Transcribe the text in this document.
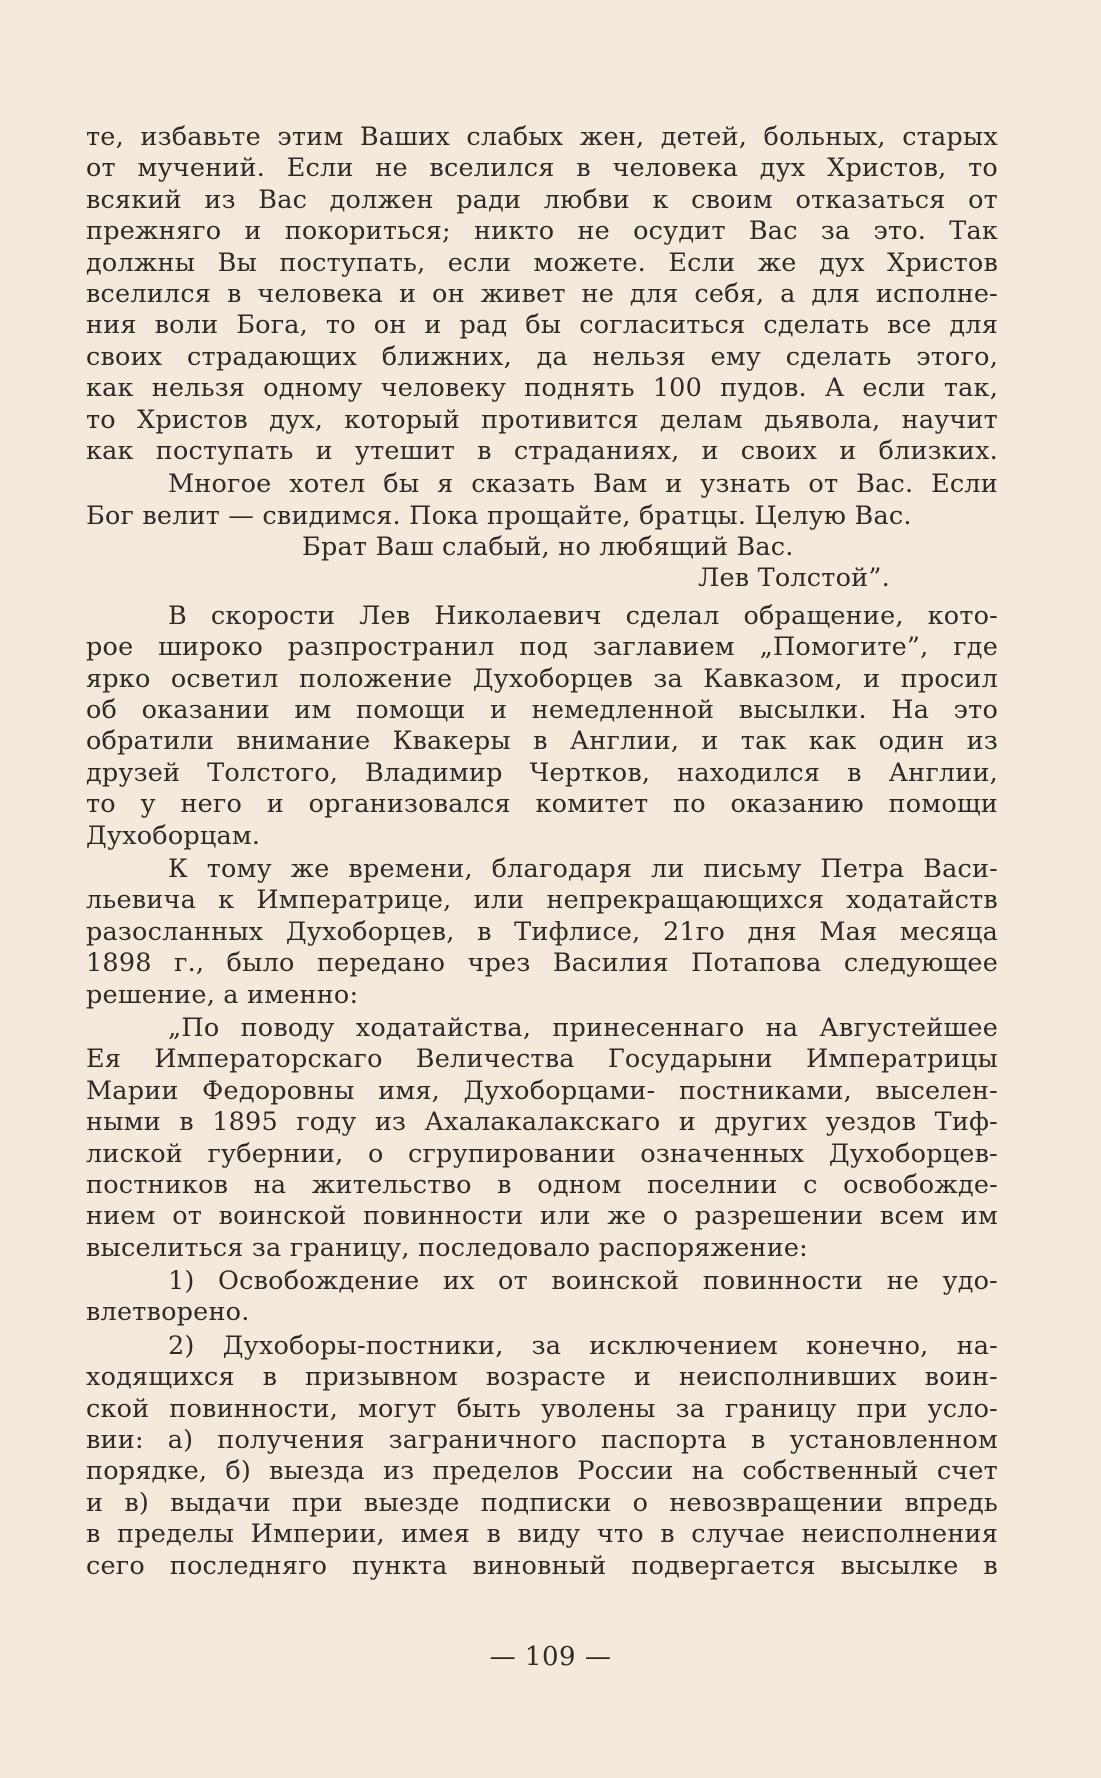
те, избавьте этим Ваших слабых жен, детей, больных, старых
от мучений. Если не вселился в человека дух Христов, то
всякий из Вас должен ради любви к своим отказаться от
прежняго и покориться; никто не осудит Вас за это. Так
должны Вы поступать, если можете. Если же дух Христов
вселился в человека и он живет не для себя, а для исполне-
ния воли Бога, то он и рад бы согласиться сделать все для
своих страдающих ближних, да нельзя ему сделать этого,
как нельзя одному человеку поднять 100 пудов. А если так,
то Христов дух, который противится делам дьявола, научит
как поступать и утешит в страданиях, и своих и близких.
Многое хотел бы я сказать Вам и узнать от Вас. Если
Бог велит — свидимся. Пока прощайте, братцы. Целую Вас.
Брат Ваш слабый, но любящий Вас.
Лев Толстой”.
В скорости Лев Николаевич сделал обращение, кото-
рое широко разпространил под заглавием „Помогите”, где
ярко осветил положение Духоборцев за Кавказом, и просил
об оказании им помощи и немедленной высылки. На это
обратили внимание Квакеры в Англии, и так как один из
друзей Толстого, Владимир Чертков, находился в Англии,
то у него и организовался комитет по оказанию помощи
Духоборцам.
К тому же времени, благодаря ли письму Петра Васи-
льевича к Императрице, или непрекращающихся ходатайств
разосланных Духоборцев, в Тифлисе, 21го дня Мая месяца
1898 г., было передано чрез Василия Потапова следующее
решение, а именно:
„По поводу ходатайства, принесеннаго на Августейшее
Ея Императорскаго Величества Государыни Императрицы
Марии Федоровны имя, Духоборцами- постниками, выселен-
ными в 1895 году из Ахалакалакскаго и других уездов Тиф-
лиской губернии, о сгрупировании означенных Духоборцев-
постников на жительство в одном поселнии с освобожде-
нием от воинской повинности или же о разрешении всем им
выселиться за границу, последовало распоряжение:
1) Освобождение их от воинской повинности не удо-
влетворено.
2) Духоборы-постники, за исключением конечно, на-
ходящихся в призывном возрасте и неисполнивших воин-
ской повинности, могут быть уволены за границу при усло-
вии: а) получения заграничного паспорта в установленном
порядке, б) выезда из пределов России на собственный счет
и в) выдачи при выезде подписки о невозвращении впредь
в пределы Империи, имея в виду что в случае неисполнения
сего последняго пункта виновный подвергается высылке в
— 109 —
